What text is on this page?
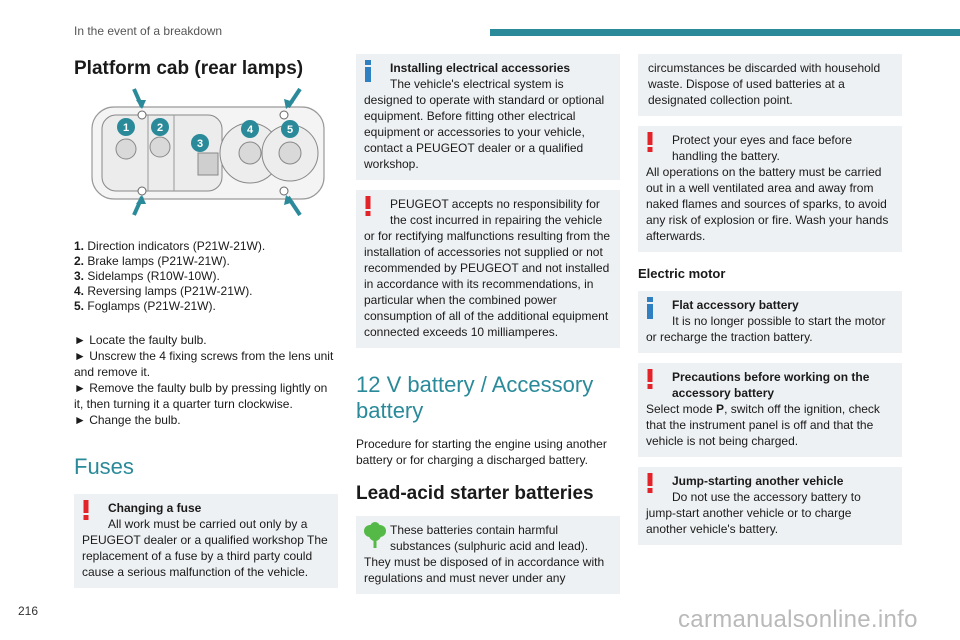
In the event of a breakdown
Platform cab (rear lamps)
1	2
3
4	5
1. Direction indicators (P21W-21W).
2. Brake lamps (P21W-21W).
3. Sidelamps (R10W-10W).
4. Reversing lamps (P21W-21W).
5. Foglamps (P21W-21W).

► Locate the faulty bulb.

► Unscrew the 4 fixing screws from the lens unit and remove it.

► Remove the faulty bulb by pressing lightly on it, then turning it a quarter turn clockwise.

► Change the bulb.

Fuses
Changing a fuse
All work must be carried out only by a
PEUGEOT dealer or a qualified workshop The replacement of a fuse by a third party could cause a serious malfunction of the vehicle.
Installing electrical accessories
The vehicle's electrical system is
designed to operate with standard or optional equipment. Before fitting other electrical equipment or accessories to your vehicle, contact a PEUGEOT dealer or a qualified workshop.
PEUGEOT accepts no responsibility for the cost incurred in repairing the vehicle
or for rectifying malfunctions resulting from the installation of accessories not supplied or not recommended by PEUGEOT and not installed in accordance with its recommendations, in particular when the combined power consumption of all of the additional equipment connected exceeds 10 milliamperes.
12 V battery / Accessory battery

Procedure for starting the engine using another battery or for charging a discharged battery.

Lead-acid starter batteries
These batteries contain harmful substances (sulphuric acid and lead).
They must be disposed of in accordance with regulations and must never under any
circumstances be discarded with household waste. Dispose of used batteries at a designated collection point.
Protect your eyes and face before handling the battery.
All operations on the battery must be carried out in a well ventilated area and away from naked flames and sources of sparks, to avoid any risk of explosion or fire. Wash your hands afterwards.
Electric motor
Flat accessory battery
It is no longer possible to start the motor
or recharge the traction battery.
Precautions before working on the accessory battery
Select mode P, switch off the ignition, check that the instrument panel is off and that the vehicle is not being charged.
Jump-starting another vehicle
Do not use the accessory battery to
jump-start another vehicle or to charge another vehicle's battery.
216	carmanualsonline.info
